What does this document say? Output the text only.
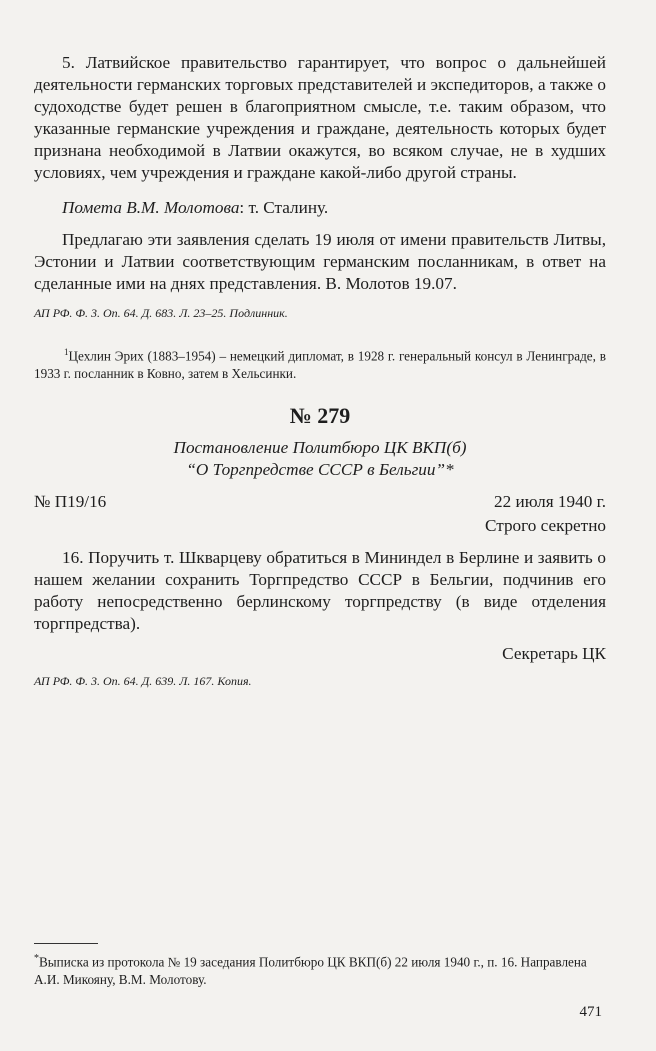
5. Латвийское правительство гарантирует, что вопрос о дальнейшей деятельности германских торговых представителей и экспедиторов, а также о судоходстве будет решен в благоприятном смысле, т.е. таким образом, что указанные германские учреждения и граждане, деятельность которых будет признана необходимой в Латвии окажутся, во всяком случае, не в худших условиях, чем учреждения и граждане какой-либо другой страны.

Помета В.М. Молотова: т. Сталину.

Предлагаю эти заявления сделать 19 июля от имени правительств Литвы, Эстонии и Латвии соответствующим германским посланникам, в ответ на сделанные ими на днях представления. В. Молотов 19.07.

АП РФ. Ф. 3. Оп. 64. Д. 683. Л. 23–25. Подлинник.

$^1$Цехлин Эрих (1883–1954) – немецкий дипломат, в 1928 г. генеральный консул в Ленинграде, в 1933 г. посланник в Ковно, затем в Хельсинки.

№ 279
Постановление Политбюро ЦК ВКП(б)
“О Торгпредстве СССР в Бельгии”*
№ П19/16	22 июля 1940 г.
Строго секретно

16. Поручить т. Шкварцеву обратиться в Мининдел в Берлине и заявить о нашем желании сохранить Торгпредство СССР в Бельгии, подчинив его работу непосредственно берлинскому торгпредству (в виде отделения торгпредства).

Секретарь ЦК

АП РФ. Ф. 3. Оп. 64. Д. 639. Л. 167. Копия.

*Выписка из протокола № 19 заседания Политбюро ЦК ВКП(б) 22 июля 1940 г., п. 16. Направлена А.И. Микояну, В.М. Молотову.
471
